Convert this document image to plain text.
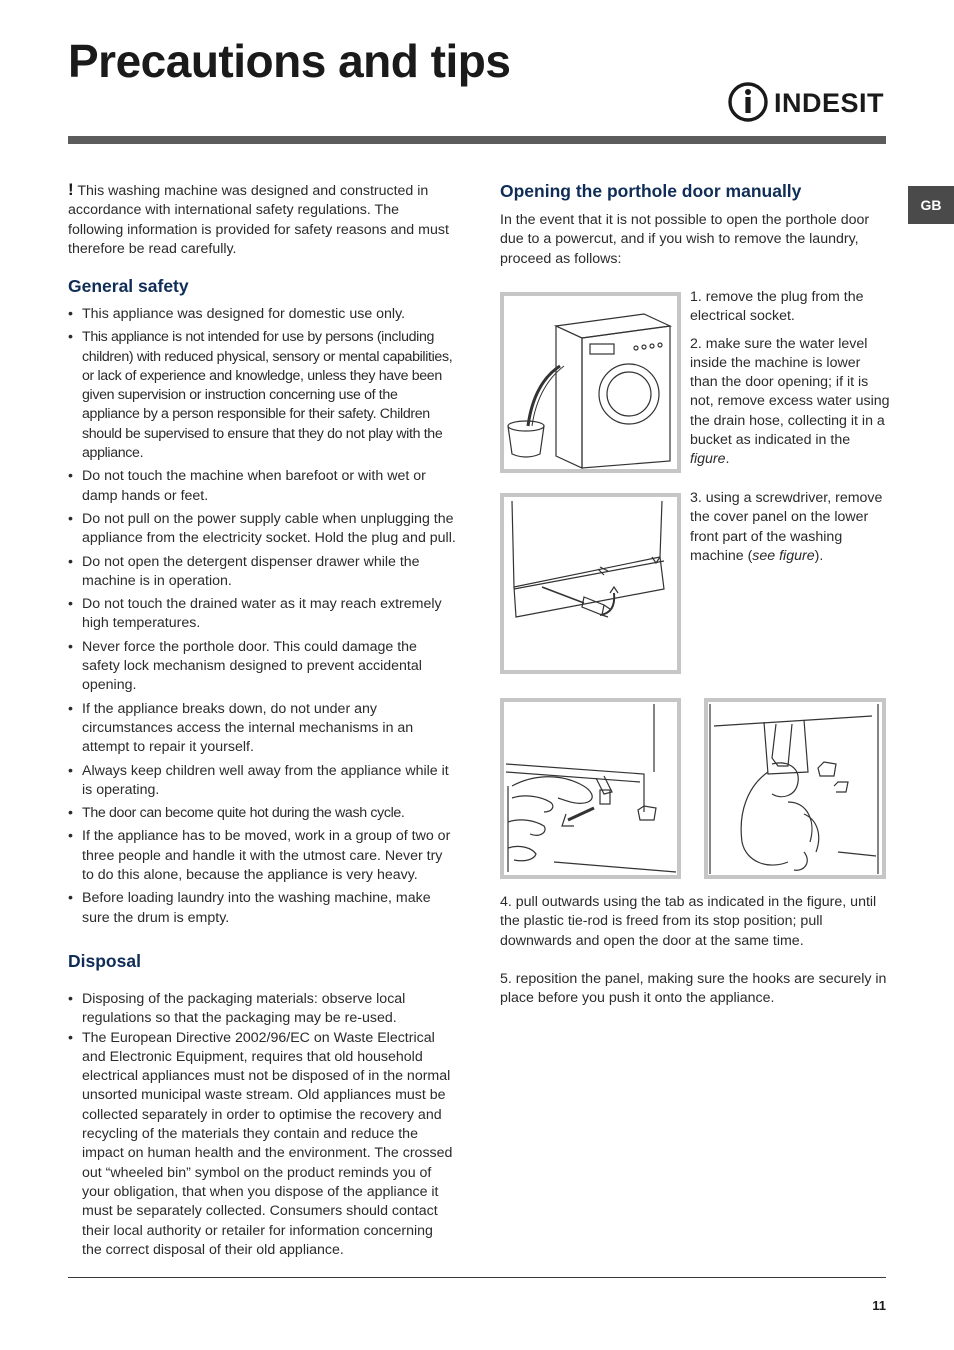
Precautions and tips
INDESIT
GB

! This washing machine was designed and constructed in accordance with international safety regulations. The following information is provided for safety reasons and must therefore be read carefully.

General safety
• This appliance was designed for domestic use only.
• This appliance is not intended for use by persons (including children) with reduced physical, sensory or mental capabilities, or lack of experience and knowledge, unless they have been given supervision or instruction concerning use of the appliance by a person responsible for their safety. Children should be supervised to ensure that they do not play with the appliance.
• Do not touch the machine when barefoot or with wet or damp hands or feet.
• Do not pull on the power supply cable when unplugging the appliance from the electricity socket. Hold the plug and pull.
• Do not open the detergent dispenser drawer while the machine is in operation.
• Do not touch the drained water as it may reach extremely high temperatures.
• Never force the porthole door. This could damage the safety lock mechanism designed to prevent accidental opening.
• If the appliance breaks down, do not under any circumstances access the internal mechanisms in an attempt to repair it yourself.
• Always keep children well away from the appliance while it is operating.
• The door can become quite hot during the wash cycle.
• If the appliance has to be moved, work in a group of two or three people and handle it with the utmost care. Never try to do this alone, because the appliance is very heavy.
• Before loading laundry into the washing machine, make sure the drum is empty.
Disposal
• Disposing of the packaging materials: observe local regulations so that the packaging may be re-used.
• The European Directive 2002/96/EC on Waste Electrical and Electronic Equipment, requires that old household electrical appliances must not be disposed of in the normal unsorted municipal waste stream. Old appliances must be collected separately in order to optimise the recovery and recycling of the materials they contain and reduce the impact on human health and the environment. The crossed out “wheeled bin” symbol on the product reminds you of your obligation, that when you dispose of the appliance it must be separately collected. Consumers should contact their local authority or retailer for information concerning the correct disposal of their old appliance.
Opening the porthole door manually

In the event that it is not possible to open the porthole door due to a powercut, and if you wish to remove the laundry, proceed as follows:

1. remove the plug from the electrical socket.

2. make sure the water level inside the machine is lower than the door opening; if it is not, remove excess water using the drain hose, collecting it in a bucket as indicated in the figure.

3. using a screwdriver, remove the cover panel on the lower front part of the washing machine (see figure).

4. pull outwards using the tab as indicated in the figure, until the plastic tie-rod is freed from its stop position; pull downwards and open the door at the same time.

5. reposition the panel, making sure the hooks are securely in place before you push it onto the appliance.

11
